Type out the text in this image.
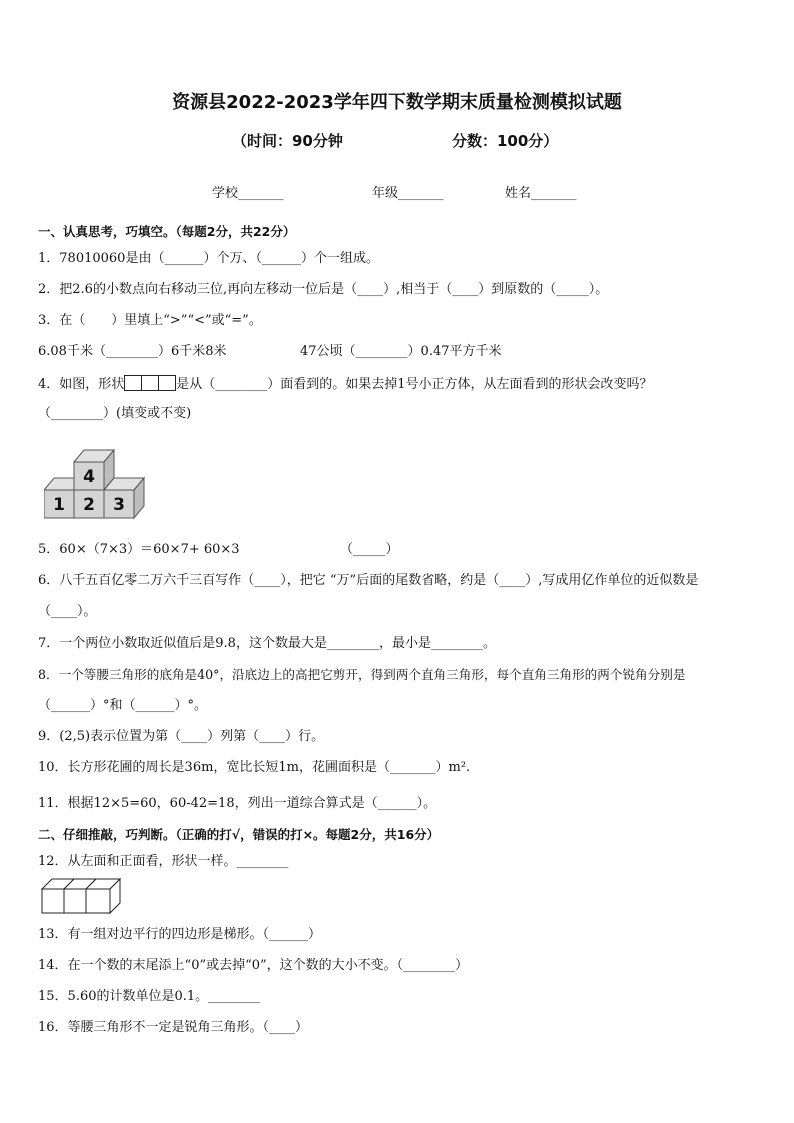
资源县2022-2023学年四下数学期末质量检测模拟试题
（时间：90分钟	分数：100分）
学校_______	年级_______	姓名_______
一、认真思考，巧填空。（每题2分，共22分）
1．78010060是由（______）个万、（______）个一组成。
2．把2.6的小数点向右移动三位,再向左移动一位后是（____）,相当于（____）到原数的（_____）。
3．在（　　）里填上“>”“<”或“=”。
6.08千米（________）6千米8米	47公顷（________）0.47平方千米
4．如图，形状	是从（________）面看到的。如果去掉1号小正方体，从左面看到的形状会改变吗？
（________）(填变或不变)
4
1 2 3
5．60×（7×3）＝60×7+ 60×3	（_____）
6．八千五百亿零二万六千三百写作（____），把它 “万”后面的尾数省略，约是（____）,写成用亿作单位的近似数是
（____）。
7．一个两位小数取近似值后是9.8，这个数最大是________，最小是________。
8．一个等腰三角形的底角是40°，沿底边上的高把它剪开，得到两个直角三角形，每个直角三角形的两个锐角分别是
（______）°和（______）°。
9．(2,5)表示位置为第（____）列第（____）行。
10．长方形花圃的周长是36m，宽比长短1m，花圃面积是（_______）m².
11．根据12×5=60，60-42=18，列出一道综合算式是（______）。
二、仔细推敲，巧判断。（正确的打√，错误的打×。每题2分，共16分）
12．从左面和正面看，形状一样。________
13．有一组对边平行的四边形是梯形。（______）
14．在一个数的末尾添上“0”或去掉“0”，这个数的大小不变。（________）
15．5.60的计数单位是0.1。________
16．等腰三角形不一定是锐角三角形。（____）
